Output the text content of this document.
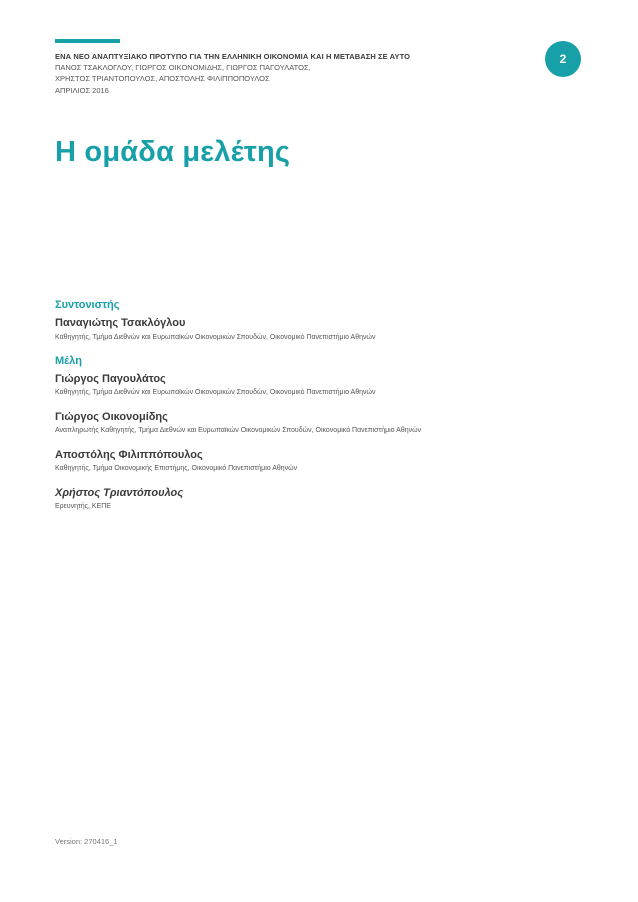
ΕΝΑ ΝΕΟ ΑΝΑΠΤΥΞΙΑΚΟ ΠΡΟΤΥΠΟ ΓΙΑ ΤΗΝ ΕΛΛΗΝΙΚΗ ΟΙΚΟΝΟΜΙΑ ΚΑΙ Η ΜΕΤΑΒΑΣΗ ΣΕ ΑΥΤΟ
ΠΑΝΟΣ ΤΣΑΚΛΟΓΛΟΥ, ΓΙΩΡΓΟΣ ΟΙΚΟΝΟΜΙΔΗΣ, ΓΙΩΡΓΟΣ ΠΑΓΟΥΛΑΤΟΣ,
ΧΡΗΣΤΟΣ ΤΡΙΑΝΤΟΠΟΥΛΟΣ, ΑΠΟΣΤΟΛΗΣ ΦΙΛΙΠΠΟΠΟΥΛΟΣ
ΑΠΡΙΛΙΟΣ 2016
2
Η ομάδα μελέτης
Συντονιστής
Παναγιώτης Τσακλόγλου
Καθηγητής, Τμήμα Διεθνών και Ευρωπαϊκών Οικονομικών Σπουδών, Οικονομικό Πανεπιστήμιο Αθηνών
Μέλη
Γιώργος Παγουλάτος
Καθηγητής, Τμήμα Διεθνών και Ευρωπαϊκών Οικονομικών Σπουδών, Οικονομικό Πανεπιστήμιο Αθηνών
Γιώργος Οικονομίδης
Αναπληρωτής Καθηγητής, Τμήμα Διεθνών και Ευρωπαϊκών Οικονομικών Σπουδών, Οικονομικό Πανεπιστήμιο Αθηνών
Αποστόλης Φιλιππόπουλος
Καθηγητής, Τμήμα Οικονομικής Επιστήμης, Οικονομικό Πανεπιστήμιο Αθηνών
Χρήστος Τριαντόπουλος
Ερευνητής, ΚΕΠΕ
Version: 270416_1
